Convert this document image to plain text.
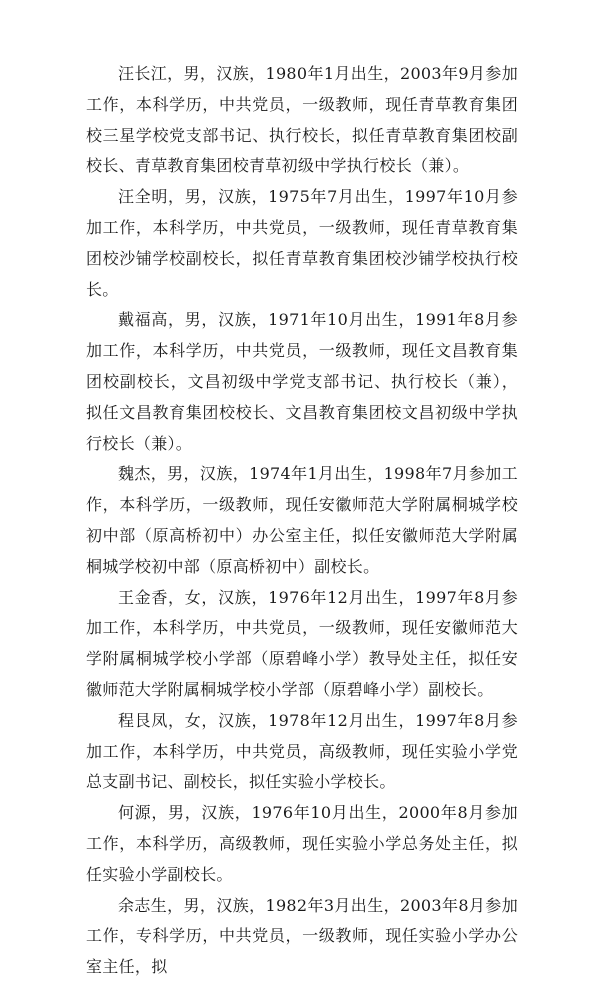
汪长江，男，汉族，1980年1月出生，2003年9月参加工作，本科学历，中共党员，一级教师，现任青草教育集团校三星学校党支部书记、执行校长，拟任青草教育集团校副校长、青草教育集团校青草初级中学执行校长（兼）。

汪全明，男，汉族，1975年7月出生，1997年10月参加工作，本科学历，中共党员，一级教师，现任青草教育集团校沙铺学校副校长，拟任青草教育集团校沙铺学校执行校长。

戴福高，男，汉族，1971年10月出生，1991年8月参加工作，本科学历，中共党员，一级教师，现任文昌教育集团校副校长，文昌初级中学党支部书记、执行校长（兼），拟任文昌教育集团校校长、文昌教育集团校文昌初级中学执行校长（兼）。

魏杰，男，汉族，1974年1月出生，1998年7月参加工作，本科学历，一级教师，现任安徽师范大学附属桐城学校初中部（原高桥初中）办公室主任，拟任安徽师范大学附属桐城学校初中部（原高桥初中）副校长。

王金香，女，汉族，1976年12月出生，1997年8月参加工作，本科学历，中共党员，一级教师，现任安徽师范大学附属桐城学校小学部（原碧峰小学）教导处主任，拟任安徽师范大学附属桐城学校小学部（原碧峰小学）副校长。

程艮凤，女，汉族，1978年12月出生，1997年8月参加工作，本科学历，中共党员，高级教师，现任实验小学党总支副书记、副校长，拟任实验小学校长。

何源，男，汉族，1976年10月出生，2000年8月参加工作，本科学历，高级教师，现任实验小学总务处主任，拟任实验小学副校长。

余志生，男，汉族，1982年3月出生，2003年8月参加工作，专科学历，中共党员，一级教师，现任实验小学办公室主任，拟
